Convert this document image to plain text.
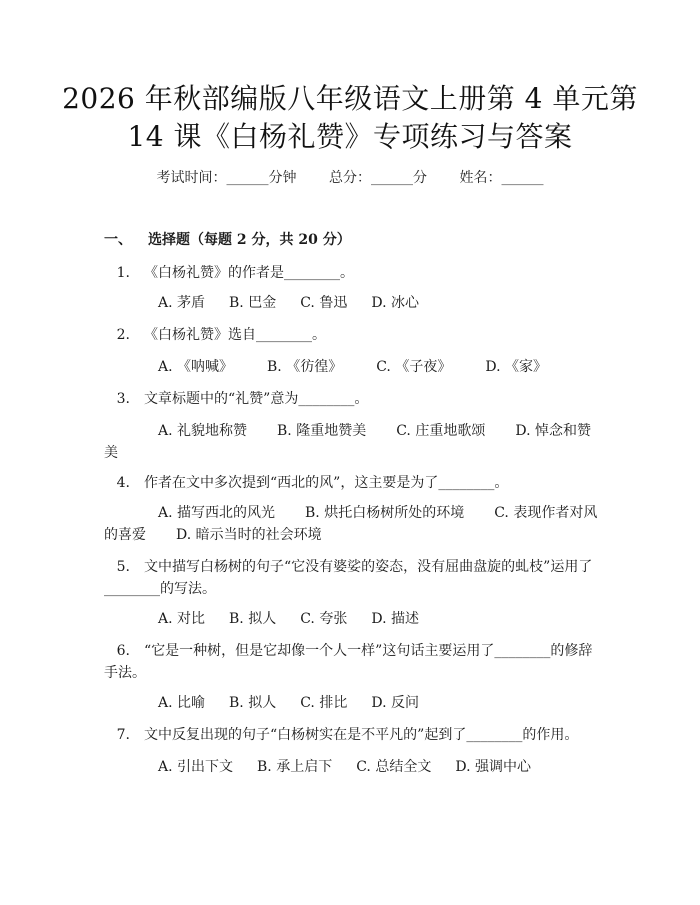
2026 年秋部编版八年级语文上册第 4 单元第
14 课《白杨礼赞》专项练习与答案
考试时间：______分钟 总分：______分 姓名：______
一、 选择题（每题 2 分，共 20 分）
1. 《白杨礼赞》的作者是________。
A. 茅盾 B. 巴金 C. 鲁迅 D. 冰心
2. 《白杨礼赞》选自________。
A. 《呐喊》 B. 《彷徨》 C. 《子夜》 D. 《家》
3. 文章标题中的“礼赞”意为________。
A. 礼貌地称赞 B. 隆重地赞美 C. 庄重地歌颂 D. 悼念和赞美
4. 作者在文中多次提到“西北的风”，这主要是为了________。
A. 描写西北的风光 B. 烘托白杨树所处的环境 C. 表现作者对风的喜爱 D. 暗示当时的社会环境
5. 文中描写白杨树的句子“它没有婆娑的姿态，没有屈曲盘旋的虬枝”运用了________的写法。
A. 对比 B. 拟人 C. 夸张 D. 描述
6. “它是一种树，但是它却像一个人一样”这句话主要运用了________的修辞手法。
A. 比喻 B. 拟人 C. 排比 D. 反问
7. 文中反复出现的句子“白杨树实在是不平凡的”起到了________的作用。
A. 引出下文 B. 承上启下 C. 总结全文 D. 强调中心
